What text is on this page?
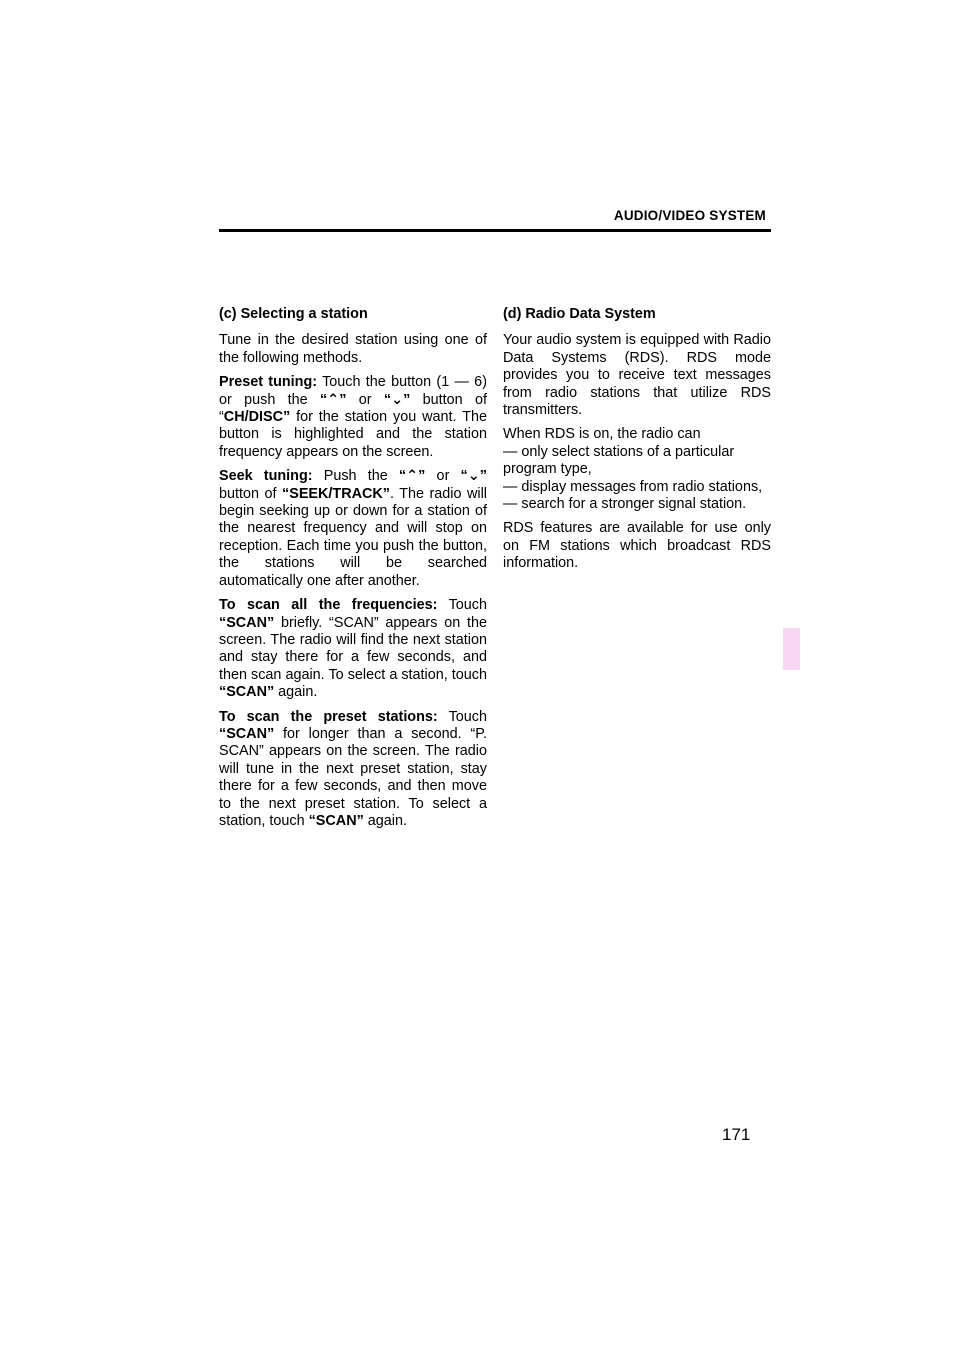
AUDIO/VIDEO SYSTEM

(c) Selecting a station

Tune in the desired station using one of the following methods.

Preset tuning: Touch the button (1 — 6) or push the “⌃” or “⌄” button of “CH/DISC” for the station you want. The button is highlighted and the station frequency appears on the screen.

Seek tuning: Push the “⌃” or “⌄” button of “SEEK/TRACK”. The radio will begin seeking up or down for a station of the nearest frequency and will stop on reception. Each time you push the button, the stations will be searched automatically one after another.

To scan all the frequencies: Touch “SCAN” briefly. “SCAN” appears on the screen. The radio will find the next station and stay there for a few seconds, and then scan again. To select a station, touch “SCAN” again.

To scan the preset stations: Touch “SCAN” for longer than a second. “P. SCAN” appears on the screen. The radio will tune in the next preset station, stay there for a few seconds, and then move to the next preset station. To select a station, touch “SCAN” again.

(d) Radio Data System

Your audio system is equipped with Radio Data Systems (RDS). RDS mode provides you to receive text messages from radio stations that utilize RDS transmitters.

When RDS is on, the radio can
— only select stations of a particular program type,
— display messages from radio stations,
— search for a stronger signal station.

RDS features are available for use only on FM stations which broadcast RDS information.

171
